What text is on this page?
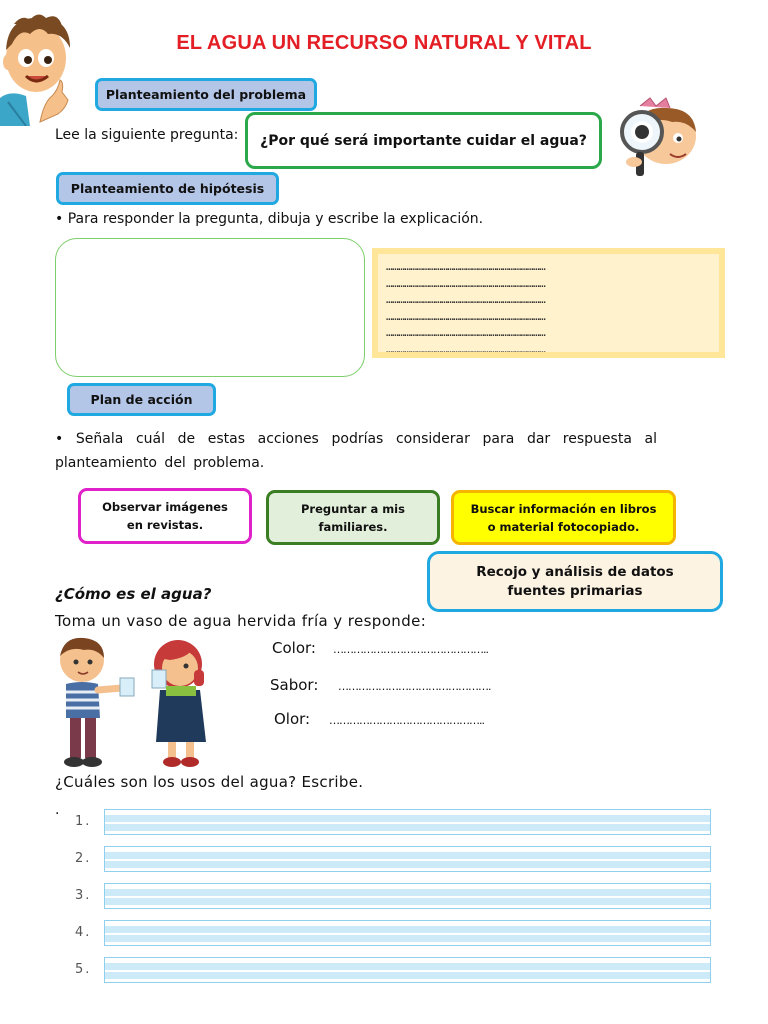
EL AGUA UN RECURSO NATURAL Y VITAL
Planteamiento del problema
Lee la siguiente pregunta: ¿Por qué será importante cuidar el agua?
Planteamiento de hipótesis
• Para responder la pregunta, dibuja y escribe la explicación.
……………………………………………………………………
……………………………………………………………………
……………………………………………………………………
……………………………………………………………………
……………………………………………………………………
……………………………………………………………………
Plan de acción
• Señala cuál de estas acciones podrías considerar para dar respuesta al planteamiento del problema.
Observar imágenes en revistas.
Preguntar a mis familiares.
Buscar información en libros o material fotocopiado.
Recojo y análisis de datos fuentes primarias
¿Cómo es el agua?
Toma un vaso de agua hervida fría y responde:
Color: ………………………………………..
Sabor: ……………………………………….
Olor: ………………………………………..
¿Cuáles son los usos del agua? Escribe.
.
1.
2.
3.
4.
5.
